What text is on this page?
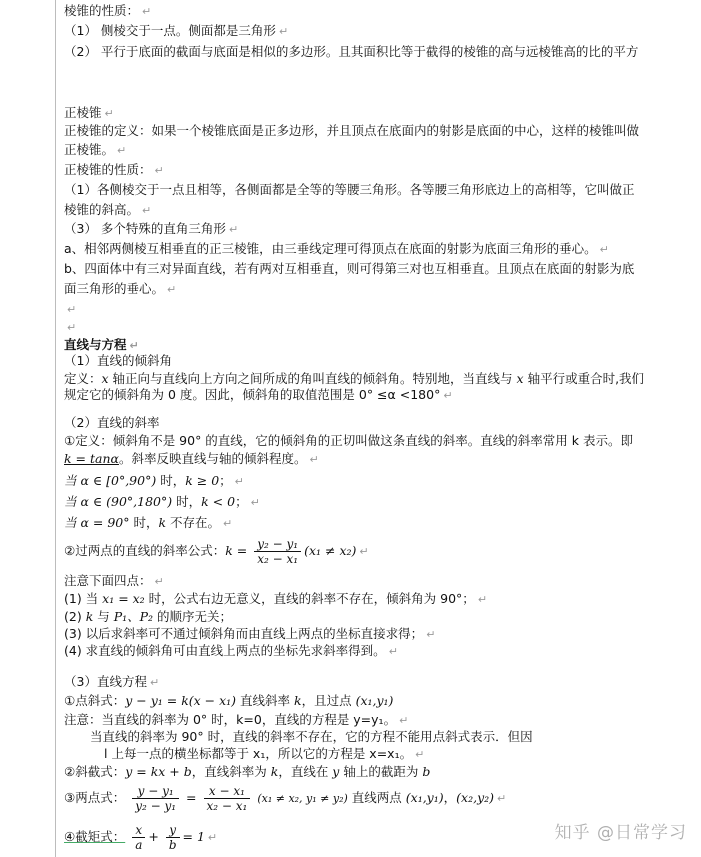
棱锥的性质： ↵
（1） 侧棱交于一点。侧面都是三角形 ↵
（2） 平行于底面的截面与底面是相似的多边形。且其面积比等于截得的棱锥的高与远棱锥高的比的平方
正棱锥 ↵
正棱锥的定义：如果一个棱锥底面是正多边形，并且顶点在底面内的射影是底面的中心，这样的棱锥叫做
正棱锥。 ↵
正棱锥的性质： ↵
（1）各侧棱交于一点且相等，各侧面都是全等的等腰三角形。各等腰三角形底边上的高相等，它叫做正
棱锥的斜高。 ↵
（3） 多个特殊的直角三角形 ↵
a、相邻两侧棱互相垂直的正三棱锥，由三垂线定理可得顶点在底面的射影为底面三角形的垂心。 ↵
b、四面体中有三对异面直线，若有两对互相垂直，则可得第三对也互相垂直。且顶点在底面的射影为底
面三角形的垂心。 ↵
↵
↵
直线与方程 ↵
（1）直线的倾斜角
定义：x 轴正向与直线向上方向之间所成的角叫直线的倾斜角。特别地，当直线与 x 轴平行或重合时,我们
规定它的倾斜角为 0 度。因此，倾斜角的取值范围是 0° ≤α <180° ↵
（2）直线的斜率
①定义：倾斜角不是 90° 的直线，它的倾斜角的正切叫做这条直线的斜率。直线的斜率常用 k 表示。即
k = tanα。斜率反映直线与轴的倾斜程度。 ↵
当 α ∈ [0°,90°) 时，k ≥ 0； ↵
当 α ∈ (90°,180°) 时，k < 0； ↵
当 α = 90° 时，k 不存在。 ↵
②过两点的直线的斜率公式：$k = \frac{\text{y₂ − y₁}}{\text{x₂ − x₁}} (x_1 \ne x_2)$ ↵
注意下面四点： ↵
(1) 当 x₁ = x₂ 时，公式右边无意义，直线的斜率不存在，倾斜角为 90°； ↵
(2) k 与 P₁、P₂ 的顺序无关；
(3) 以后求斜率可不通过倾斜角而由直线上两点的坐标直接求得； ↵
(4) 求直线的倾斜角可由直线上两点的坐标先求斜率得到。 ↵
（3）直线方程 ↵
①点斜式：y − y₁ = k(x − x₁) 直线斜率 k，且过点 (x₁,y₁)
注意：当直线的斜率为 0° 时，k=0，直线的方程是 y=y₁。 ↵
当直线的斜率为 90° 时，直线的斜率不存在，它的方程不能用点斜式表示．但因
l 上每一点的横坐标都等于 x₁，所以它的方程是 x=x₁。 ↵
②斜截式：y = kx + b，直线斜率为 k，直线在 y 轴上的截距为 b
③两点式： $\frac{\text{y − y₁}}{\text{y₂ − y₁}} = \frac{\text{x − x₁}}{\text{x₂ − x₁}} (x_1 \ne x_2$, y₁ ≠ y₂) 直线两点 (x₁,y₁)，(x₂,y₂) ↵
④截矩式： $\frac{x}{a} + \frac{y}{b} = 1$ ↵	知乎 @日常学习
